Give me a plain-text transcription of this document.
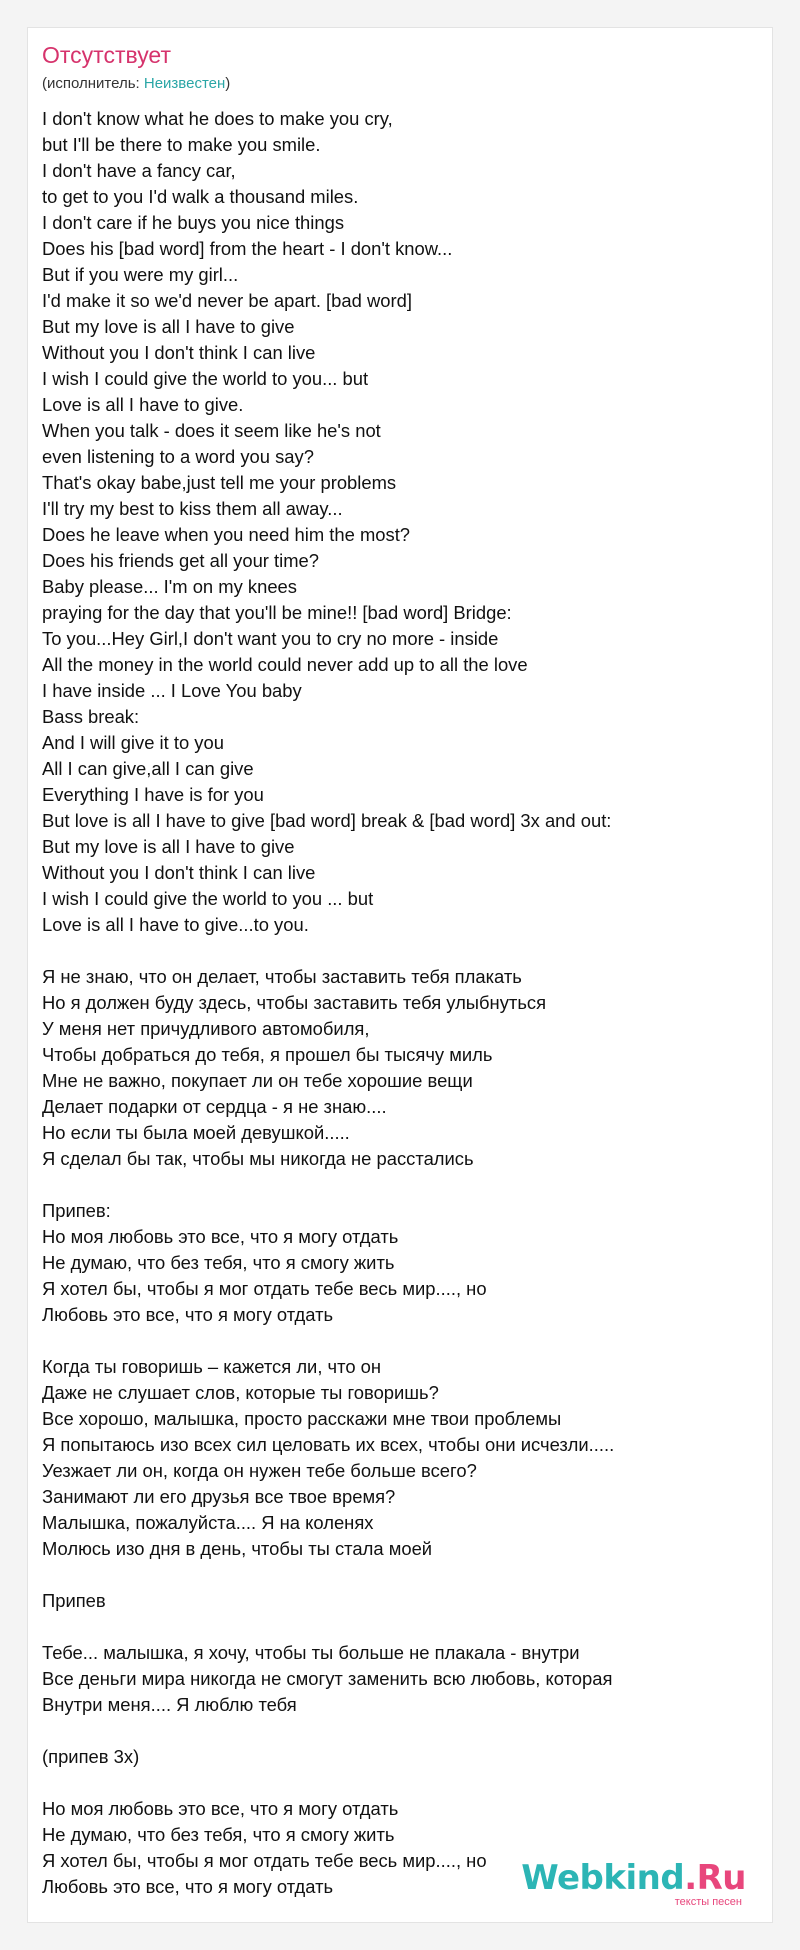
Отсутствует
(исполнитель: Неизвестен)
I don't know what he does to make you cry,
but I'll be there to make you smile.
I don't have a fancy car,
to get to you I'd walk a thousand miles.
I don't care if he buys you nice things
Does his [bad word] from the heart - I don't know...
But if you were my girl...
I'd make it so we'd never be apart. [bad word]
But my love is all I have to give
Without you I don't think I can live
I wish I could give the world to you... but
Love is all I have to give.
When you talk - does it seem like he's not
even listening to a word you say?
That's okay babe,just tell me your problems
I'll try my best to kiss them all away...
Does he leave when you need him the most?
Does his friends get all your time?
Baby please... I'm on my knees
praying for the day that you'll be mine!! [bad word] Bridge:
To you...Hey Girl,I don't want you to cry no more - inside
All the money in the world could never add up to all the love
I have inside ... I Love You baby
Bass break:
And I will give it to you
All I can give,all I can give
Everything I have is for you
But love is all I have to give [bad word] break & [bad word] 3x and out:
But my love is all I have to give
Without you I don't think I can live
I wish I could give the world to you ... but
Love is all I have to give...to you.
Я не знаю, что он делает, чтобы заставить тебя плакать
Но я должен буду здесь, чтобы заставить тебя улыбнуться
У меня нет причудливого автомобиля,
Чтобы добраться до тебя, я прошел бы тысячу миль
Мне не важно, покупает ли он тебе хорошие вещи
Делает подарки от сердца - я не знаю....
Но если ты была моей девушкой.....
Я сделал бы так, чтобы мы никогда не расстались
Припев:
Но моя любовь это все, что я могу отдать
Не думаю, что без тебя, что я смогу жить
Я хотел бы, чтобы я мог отдать тебе весь мир...., но
Любовь это все, что я могу отдать
Когда ты говоришь – кажется ли, что он
Даже не слушает слов, которые ты говоришь?
Все хорошо, малышка, просто расскажи мне твои проблемы
Я попытаюсь изо всех сил целовать их всех, чтобы они исчезли.....
Уезжает ли он, когда он нужен тебе больше всего?
Занимают ли его друзья все твое время?
Малышка, пожалуйста.... Я на коленях
Молюсь изо дня в день, чтобы ты стала моей
Припев
Тебе... малышка, я хочу, чтобы ты больше не плакала - внутри
Все деньги мира никогда не смогут заменить всю любовь, которая
Внутри меня.... Я люблю тебя
(припев 3х)
Но моя любовь это все, что я могу отдать
Не думаю, что без тебя, что я смогу жить
Я хотел бы, чтобы я мог отдать тебе весь мир...., но
Любовь это все, что я могу отдать	Webkind.Ru
тексты песен
